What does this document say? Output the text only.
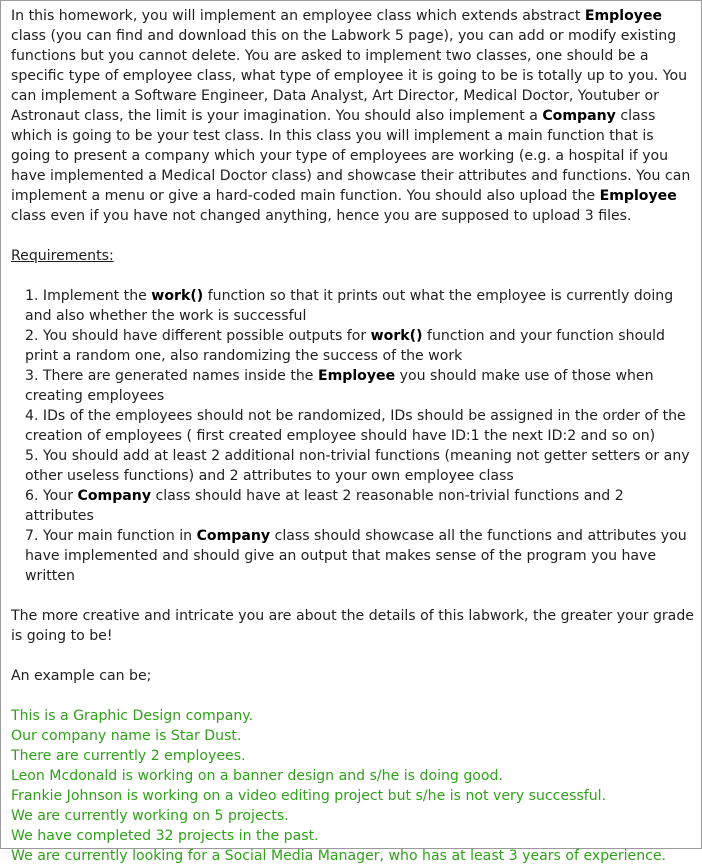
In this homework, you will implement an employee class which extends abstract Employee class (you can find and download this on the Labwork 5 page), you can add or modify existing functions but you cannot delete. You are asked to implement two classes, one should be a specific type of employee class, what type of employee it is going to be is totally up to you. You can implement a Software Engineer, Data Analyst, Art Director, Medical Doctor, Youtuber or Astronaut class, the limit is your imagination. You should also implement a Company class which is going to be your test class. In this class you will implement a main function that is going to present a company which your type of employees are working (e.g. a hospital if you have implemented a Medical Doctor class) and showcase their attributes and functions. You can implement a menu or give a hard-coded main function. You should also upload the Employee class even if you have not changed anything, hence you are supposed to upload 3 files.

Requirements:

1. Implement the work() function so that it prints out what the employee is currently doing and also whether the work is successful

2. You should have different possible outputs for work() function and your function should print a random one, also randomizing the success of the work

3. There are generated names inside the Employee you should make use of those when creating employees

4. IDs of the employees should not be randomized, IDs should be assigned in the order of the creation of employees ( first created employee should have ID:1 the next ID:2 and so on)

5. You should add at least 2 additional non-trivial functions (meaning not getter setters or any other useless functions) and 2 attributes to your own employee class

6. Your Company class should have at least 2 reasonable non-trivial functions and 2 attributes

7. Your main function in Company class should showcase all the functions and attributes you have implemented and should give an output that makes sense of the program you have written

The more creative and intricate you are about the details of this labwork, the greater your grade is going to be!

An example can be;

This is a Graphic Design company.

Our company name is Star Dust.

There are currently 2 employees.

Leon Mcdonald is working on a banner design and s/he is doing good.

Frankie Johnson is working on a video editing project but s/he is not very successful.

We are currently working on 5 projects.

We have completed 32 projects in the past.

We are currently looking for a Social Media Manager, who has at least 3 years of experience.
